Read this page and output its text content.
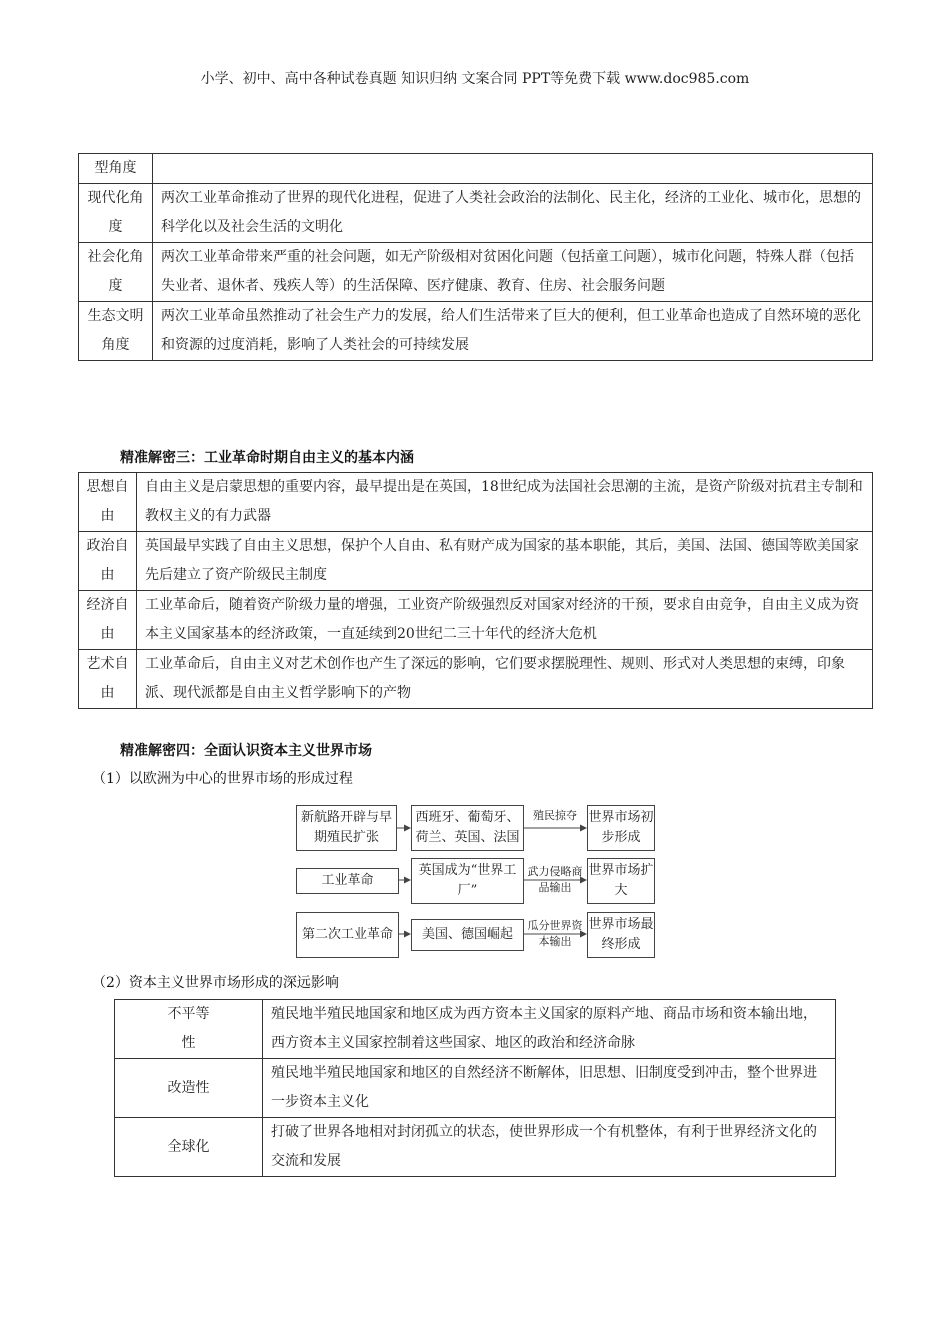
小学、初中、高中各种试卷真题 知识归纳 文案合同 PPT等免费下载 www.doc985.com
型角度	
现代化角度	两次工业革命推动了世界的现代化进程，促进了人类社会政治的法制化、民主化，经济的工业化、城市化，思想的科学化以及社会生活的文明化
社会化角度	两次工业革命带来严重的社会问题，如无产阶级相对贫困化问题（包括童工问题），城市化问题，特殊人群（包括失业者、退休者、残疾人等）的生活保障、医疗健康、教育、住房、社会服务问题
生态文明角度	两次工业革命虽然推动了社会生产力的发展，给人们生活带来了巨大的便利，但工业革命也造成了自然环境的恶化和资源的过度消耗，影响了人类社会的可持续发展
精准解密三：工业革命时期自由主义的基本内涵
思想自由	自由主义是启蒙思想的重要内容，最早提出是在英国，18世纪成为法国社会思潮的主流，是资产阶级对抗君主专制和教权主义的有力武器
政治自由	英国最早实践了自由主义思想，保护个人自由、私有财产成为国家的基本职能，其后，美国、法国、德国等欧美国家先后建立了资产阶级民主制度
经济自由	工业革命后，随着资产阶级力量的增强，工业资产阶级强烈反对国家对经济的干预，要求自由竞争，自由主义成为资本主义国家基本的经济政策，一直延续到20世纪二三十年代的经济大危机
艺术自由	工业革命后，自由主义对艺术创作也产生了深远的影响，它们要求摆脱理性、规则、形式对人类思想的束缚，印象派、现代派都是自由主义哲学影响下的产物
精准解密四：全面认识资本主义世界市场
（1）以欧洲为中心的世界市场的形成过程
新航路开辟与早期殖民扩张
西班牙、葡萄牙、荷兰、英国、法国
殖民掠夺 世界市场初步形成
工业革命
英国成为“世界工厂”
武力侵略商品输出
世界市场扩大
第二次工业革命	美国、德国崛起
瓜分世界资本输出
世界市场最终形成
（2）资本主义世界市场形成的深远影响
不平等性	殖民地半殖民地国家和地区成为西方资本主义国家的原料产地、商品市场和资本输出地，西方资本主义国家控制着这些国家、地区的政治和经济命脉
改造性	殖民地半殖民地国家和地区的自然经济不断解体，旧思想、旧制度受到冲击，整个世界进一步资本主义化
全球化	打破了世界各地相对封闭孤立的状态，使世界形成一个有机整体，有利于世界经济文化的交流和发展
